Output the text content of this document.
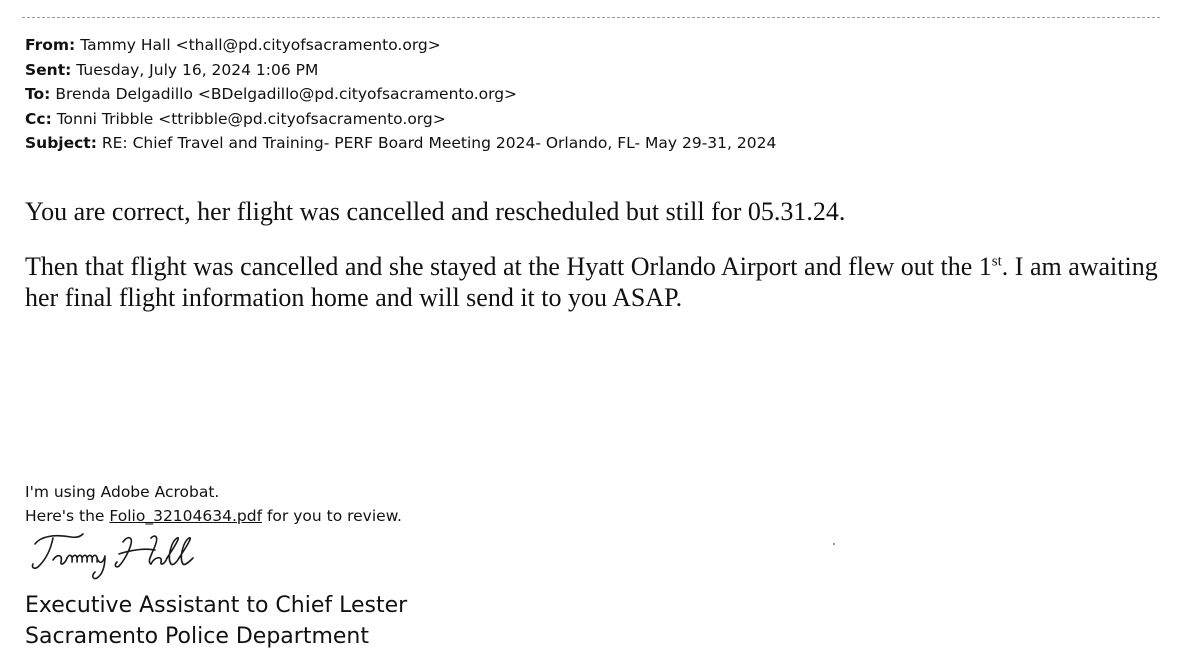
From: Tammy Hall <thall@pd.cityofsacramento.org>
Sent: Tuesday, July 16, 2024 1:06 PM
To: Brenda Delgadillo <BDelgadillo@pd.cityofsacramento.org>
Cc: Tonni Tribble <ttribble@pd.cityofsacramento.org>
Subject: RE: Chief Travel and Training- PERF Board Meeting 2024- Orlando, FL- May 29-31, 2024

You are correct, her flight was cancelled and rescheduled but still for 05.31.24.

Then that flight was cancelled and she stayed at the Hyatt Orlando Airport and flew out the 1st. I am awaiting her final flight information home and will send it to you ASAP.

I'm using Adobe Acrobat.
Here's the Folio_32104634.pdf for you to review.
Executive Assistant to Chief Lester
Sacramento Police Department
